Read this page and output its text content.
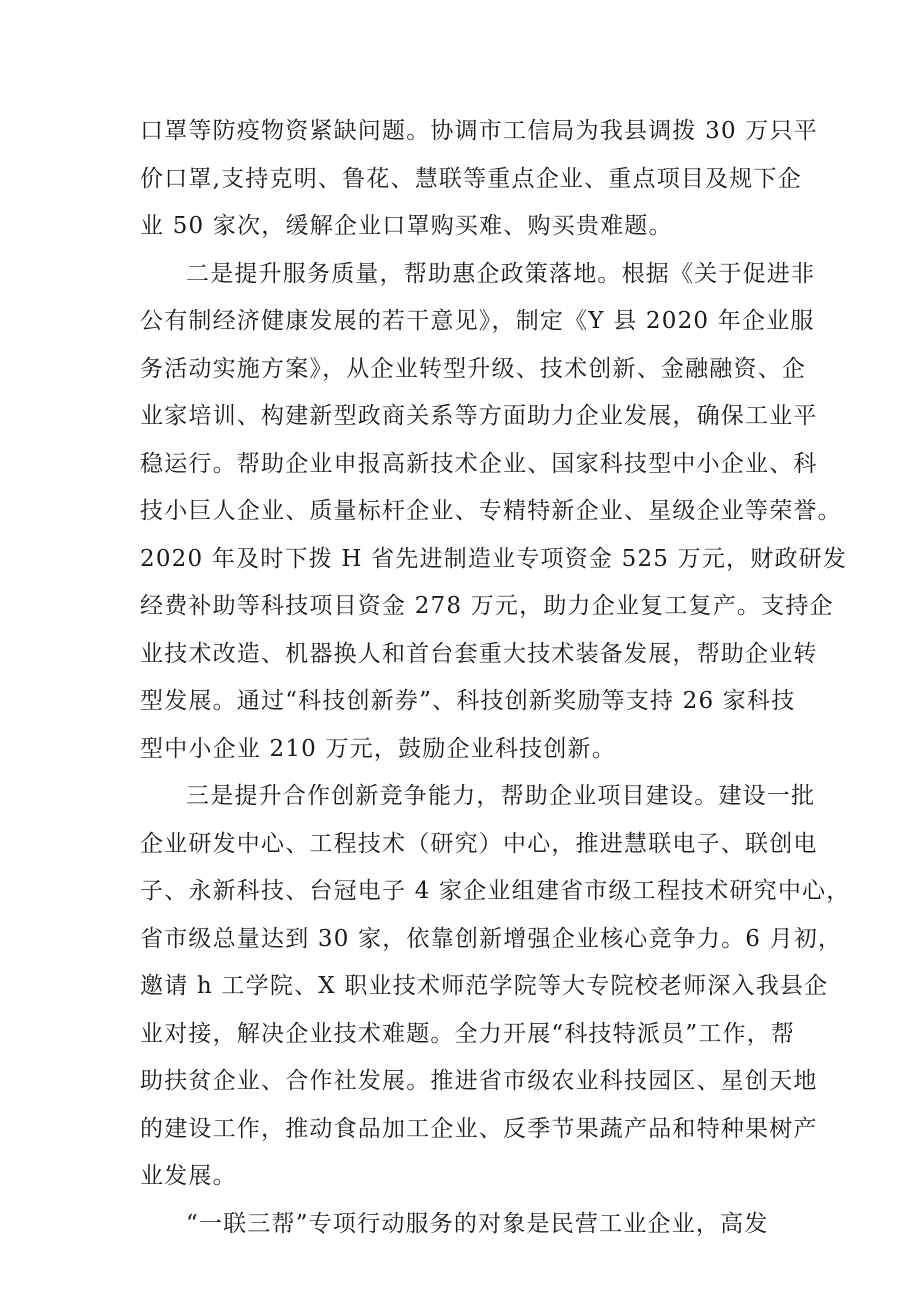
口罩等防疫物资紧缺问题。协调市工信局为我县调拨 30 万只平
价口罩,支持克明、鲁花、慧联等重点企业、重点项目及规下企
业 50 家次，缓解企业口罩购买难、购买贵难题。
二是提升服务质量，帮助惠企政策落地。根据《关于促进非
公有制经济健康发展的若干意见》，制定《Y 县 2020 年企业服
务活动实施方案》，从企业转型升级、技术创新、金融融资、企
业家培训、构建新型政商关系等方面助力企业发展，确保工业平
稳运行。帮助企业申报高新技术企业、国家科技型中小企业、科
技小巨人企业、质量标杆企业、专精特新企业、星级企业等荣誉。
2020 年及时下拨 H 省先进制造业专项资金 525 万元，财政研发
经费补助等科技项目资金 278 万元，助力企业复工复产。支持企
业技术改造、机器换人和首台套重大技术装备发展，帮助企业转
型发展。通过“科技创新券”、科技创新奖励等支持 26 家科技
型中小企业 210 万元，鼓励企业科技创新。
三是提升合作创新竞争能力，帮助企业项目建设。建设一批
企业研发中心、工程技术（研究）中心，推进慧联电子、联创电
子、永新科技、台冠电子 4 家企业组建省市级工程技术研究中心，
省市级总量达到 30 家，依靠创新增强企业核心竞争力。6 月初，
邀请 h 工学院、X 职业技术师范学院等大专院校老师深入我县企
业对接，解决企业技术难题。全力开展“科技特派员”工作，帮
助扶贫企业、合作社发展。推进省市级农业科技园区、星创天地
的建设工作，推动食品加工企业、反季节果蔬产品和特种果树产
业发展。
“一联三帮”专项行动服务的对象是民营工业企业，高发
